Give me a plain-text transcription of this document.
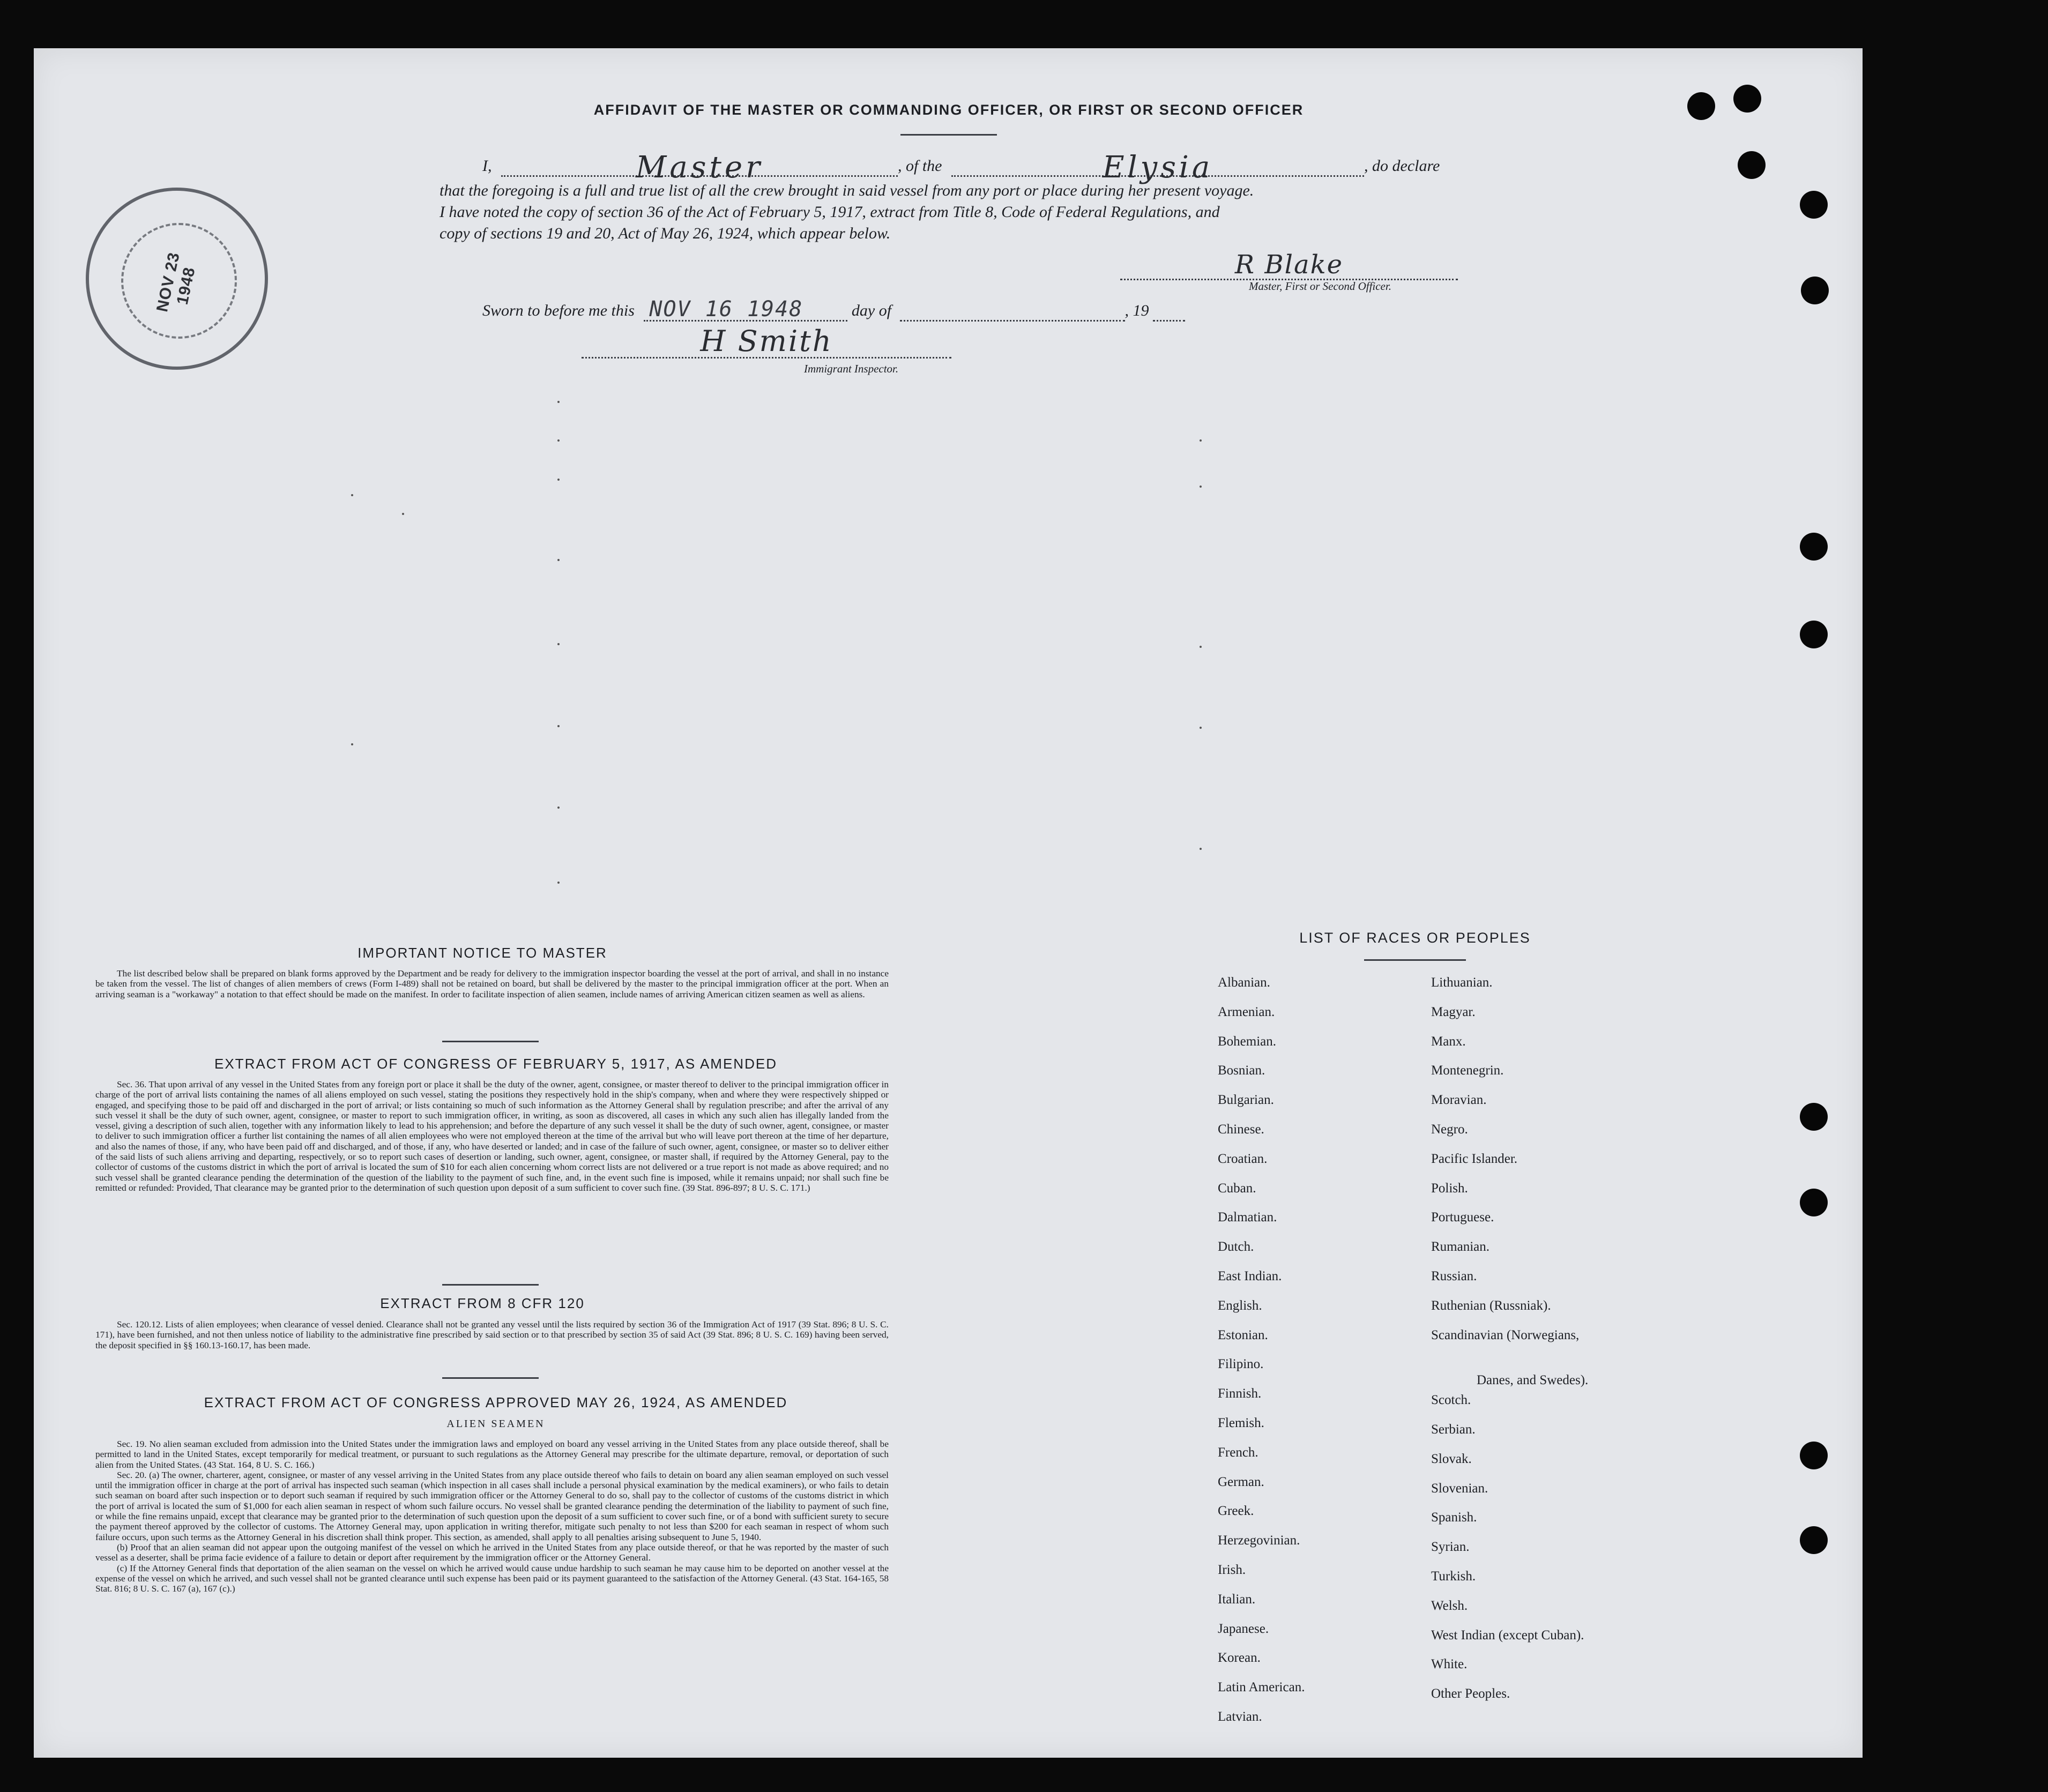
NOV 23 1948
AFFIDAVIT OF THE MASTER OR COMMANDING OFFICER, OR FIRST OR SECOND OFFICER
I,	Master	, of the	Elysia	, do declare
that the foregoing is a full and true list of all the crew brought in said vessel from any port or place during her present voyage.
I have noted the copy of section 36 of the Act of February 5, 1917, extract from Title 8, Code of Federal Regulations, and
copy of sections 19 and 20, Act of May 26, 1924, which appear below.
R Blake
Master, First or Second Officer.
Sworn to before me this NOV 16 1948	day of	, 19
H Smith
Immigrant Inspector.
IMPORTANT NOTICE TO MASTER
The list described below shall be prepared on blank forms approved by the Department and be ready for delivery to the immigration inspector boarding the vessel at the port of arrival, and shall in no instance be taken from the vessel. The list of changes of alien members of crews (Form I-489) shall not be retained on board, but shall be delivered by the master to the principal immigration officer at the port. When an arriving seaman is a "workaway" a notation to that effect should be made on the manifest. In order to facilitate inspection of alien seamen, include names of arriving American citizen seamen as well as aliens.
EXTRACT FROM ACT OF CONGRESS OF FEBRUARY 5, 1917, AS AMENDED
Sec. 36. That upon arrival of any vessel in the United States from any foreign port or place it shall be the duty of the owner, agent, consignee, or master thereof to deliver to the principal immigration officer in charge of the port of arrival lists containing the names of all aliens employed on such vessel, stating the positions they respectively hold in the ship's company, when and where they were respectively shipped or engaged, and specifying those to be paid off and discharged in the port of arrival; or lists containing so much of such information as the Attorney General shall by regulation prescribe; and after the arrival of any such vessel it shall be the duty of such owner, agent, consignee, or master to report to such immigration officer, in writing, as soon as discovered, all cases in which any such alien has illegally landed from the vessel, giving a description of such alien, together with any information likely to lead to his apprehension; and before the departure of any such vessel it shall be the duty of such owner, agent, consignee, or master to deliver to such immigration officer a further list containing the names of all alien employees who were not employed thereon at the time of the arrival but who will leave port thereon at the time of her departure, and also the names of those, if any, who have been paid off and discharged, and of those, if any, who have deserted or landed; and in case of the failure of such owner, agent, consignee, or master so to deliver either of the said lists of such aliens arriving and departing, respectively, or so to report such cases of desertion or landing, such owner, agent, consignee, or master shall, if required by the Attorney General, pay to the collector of customs of the customs district in which the port of arrival is located the sum of $10 for each alien concerning whom correct lists are not delivered or a true report is not made as above required; and no such vessel shall be granted clearance pending the determination of the question of the liability to the payment of such fine, and, in the event such fine is imposed, while it remains unpaid; nor shall such fine be remitted or refunded: Provided, That clearance may be granted prior to the determination of such question upon deposit of a sum sufficient to cover such fine. (39 Stat. 896-897; 8 U. S. C. 171.)
EXTRACT FROM 8 CFR 120
Sec. 120.12. Lists of alien employees; when clearance of vessel denied. Clearance shall not be granted any vessel until the lists required by section 36 of the Immigration Act of 1917 (39 Stat. 896; 8 U. S. C. 171), have been furnished, and not then unless notice of liability to the administrative fine prescribed by said section or to that prescribed by section 35 of said Act (39 Stat. 896; 8 U. S. C. 169) having been served, the deposit specified in §§ 160.13-160.17, has been made.
EXTRACT FROM ACT OF CONGRESS APPROVED MAY 26, 1924, AS AMENDED
ALIEN SEAMEN

Sec. 19. No alien seaman excluded from admission into the United States under the immigration laws and employed on board any vessel arriving in the United States from any place outside thereof, shall be permitted to land in the United States, except temporarily for medical treatment, or pursuant to such regulations as the Attorney General may prescribe for the ultimate departure, removal, or deportation of such alien from the United States. (43 Stat. 164, 8 U. S. C. 166.)

Sec. 20. (a) The owner, charterer, agent, consignee, or master of any vessel arriving in the United States from any place outside thereof who fails to detain on board any alien seaman employed on such vessel until the immigration officer in charge at the port of arrival has inspected such seaman (which inspection in all cases shall include a personal physical examination by the medical examiners), or who fails to detain such seaman on board after such inspection or to deport such seaman if required by such immigration officer or the Attorney General to do so, shall pay to the collector of customs of the customs district in which the port of arrival is located the sum of $1,000 for each alien seaman in respect of whom such failure occurs. No vessel shall be granted clearance pending the determination of the liability to payment of such fine, or while the fine remains unpaid, except that clearance may be granted prior to the determination of such question upon the deposit of a sum sufficient to cover such fine, or of a bond with sufficient surety to secure the payment thereof approved by the collector of customs. The Attorney General may, upon application in writing therefor, mitigate such penalty to not less than $200 for each seaman in respect of whom such failure occurs, upon such terms as the Attorney General in his discretion shall think proper. This section, as amended, shall apply to all penalties arising subsequent to June 5, 1940.

(b) Proof that an alien seaman did not appear upon the outgoing manifest of the vessel on which he arrived in the United States from any place outside thereof, or that he was reported by the master of such vessel as a deserter, shall be prima facie evidence of a failure to detain or deport after requirement by the immigration officer or the Attorney General.

(c) If the Attorney General finds that deportation of the alien seaman on the vessel on which he arrived would cause undue hardship to such seaman he may cause him to be deported on another vessel at the expense of the vessel on which he arrived, and such vessel shall not be granted clearance until such expense has been paid or its payment guaranteed to the satisfaction of the Attorney General. (43 Stat. 164-165, 58 Stat. 816; 8 U. S. C. 167 (a), 167 (c).)

LIST OF RACES OR PEOPLES
Albanian.
Armenian.
Bohemian.
Bosnian.
Bulgarian.
Chinese.
Croatian.
Cuban.
Dalmatian.
Dutch.
East Indian.
English.
Estonian.
Filipino.
Finnish.
Flemish.
French.
German.
Greek.
Herzegovinian.
Irish.
Italian.
Japanese.
Korean.
Latin American.
Latvian.
Lithuanian.
Magyar.
Manx.
Montenegrin.
Moravian.
Negro.
Pacific Islander.
Polish.
Portuguese.
Rumanian.
Russian.
Ruthenian (Russniak).
Scandinavian (Norwegians,
Danes, and Swedes).
Scotch.
Serbian.
Slovak.
Slovenian.
Spanish.
Syrian.
Turkish.
Welsh.
West Indian (except Cuban).
White.
Other Peoples.
